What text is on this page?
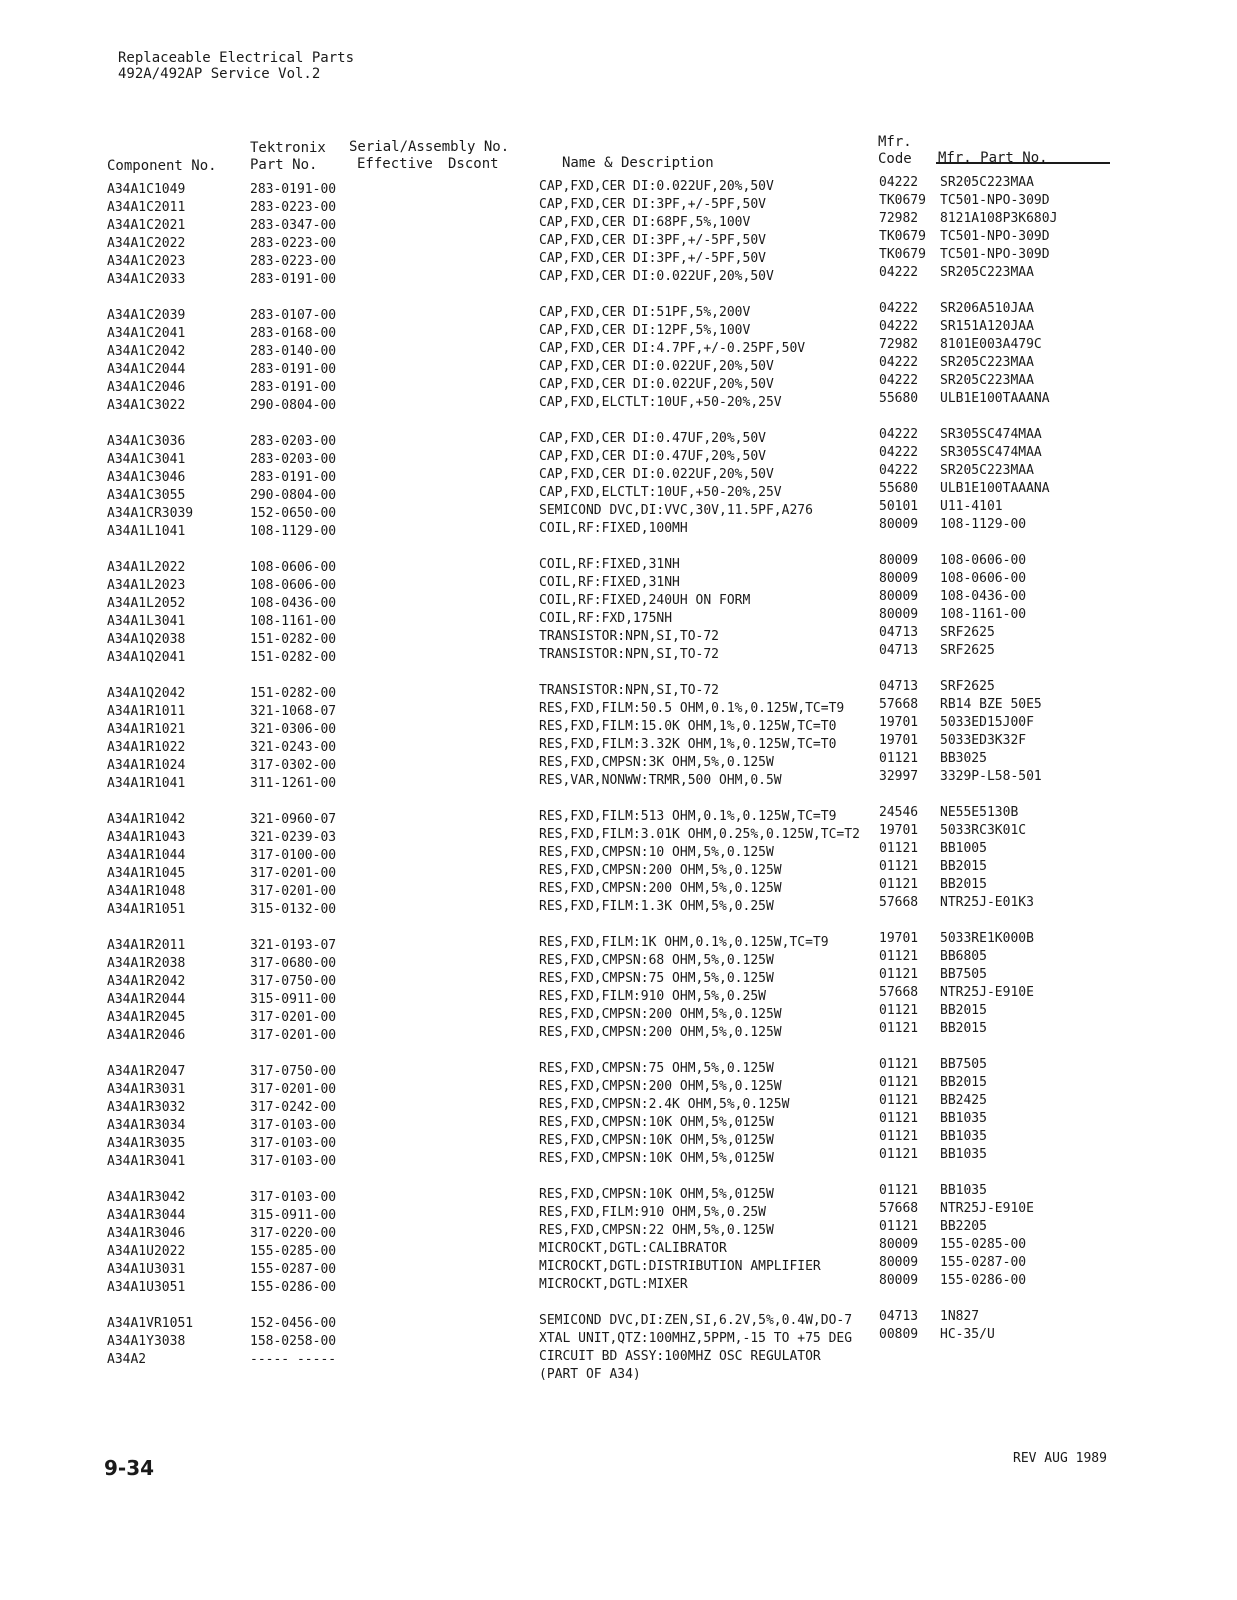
Replaceable Electrical Parts
492A/492AP Service Vol.2
Component No.
Tektronix
Part No.
Serial/Assembly No.
Effective Dscont	Name & Description
Mfr.
Code Mfr. Part No.
A34A1C1049	283-0191-00	CAP,FXD,CER DI:0.022UF,20%,50V	04222 SR205C223MAA
A34A1C2011	283-0223-00	CAP,FXD,CER DI:3PF,+/-5PF,50V	TK0679 TC501-NPO-309D
A34A1C2021	283-0347-00	CAP,FXD,CER DI:68PF,5%,100V	72982 8121A108P3K680J
A34A1C2022	283-0223-00	CAP,FXD,CER DI:3PF,+/-5PF,50V	TK0679 TC501-NPO-309D
A34A1C2023	283-0223-00	CAP,FXD,CER DI:3PF,+/-5PF,50V	TK0679 TC501-NPO-309D
A34A1C2033	283-0191-00	CAP,FXD,CER DI:0.022UF,20%,50V	04222 SR205C223MAA
A34A1C2039	283-0107-00	CAP,FXD,CER DI:51PF,5%,200V	04222 SR206A510JAA
A34A1C2041	283-0168-00	CAP,FXD,CER DI:12PF,5%,100V	04222 SR151A120JAA
A34A1C2042	283-0140-00	CAP,FXD,CER DI:4.7PF,+/-0.25PF,50V	72982 8101E003A479C
A34A1C2044	283-0191-00	CAP,FXD,CER DI:0.022UF,20%,50V	04222 SR205C223MAA
A34A1C2046	283-0191-00	CAP,FXD,CER DI:0.022UF,20%,50V	04222 SR205C223MAA
A34A1C3022	290-0804-00	CAP,FXD,ELCTLT:10UF,+50-20%,25V	55680 ULB1E100TAAANA
A34A1C3036	283-0203-00	CAP,FXD,CER DI:0.47UF,20%,50V	04222 SR305SC474MAA
A34A1C3041	283-0203-00	CAP,FXD,CER DI:0.47UF,20%,50V	04222 SR305SC474MAA
A34A1C3046	283-0191-00	CAP,FXD,CER DI:0.022UF,20%,50V	04222 SR205C223MAA
A34A1C3055	290-0804-00	CAP,FXD,ELCTLT:10UF,+50-20%,25V	55680 ULB1E100TAAANA
A34A1CR3039	152-0650-00	SEMICOND DVC,DI:VVC,30V,11.5PF,A276	50101 U11-4101
A34A1L1041	108-1129-00	COIL,RF:FIXED,100MH	80009 108-1129-00
A34A1L2022	108-0606-00	COIL,RF:FIXED,31NH	80009 108-0606-00
A34A1L2023	108-0606-00	COIL,RF:FIXED,31NH	80009 108-0606-00
A34A1L2052	108-0436-00	COIL,RF:FIXED,240UH ON FORM	80009 108-0436-00
A34A1L3041	108-1161-00	COIL,RF:FXD,175NH	80009 108-1161-00
A34A1Q2038	151-0282-00	TRANSISTOR:NPN,SI,TO-72	04713 SRF2625
A34A1Q2041	151-0282-00	TRANSISTOR:NPN,SI,TO-72	04713 SRF2625
A34A1Q2042	151-0282-00	TRANSISTOR:NPN,SI,TO-72	04713 SRF2625
A34A1R1011	321-1068-07	RES,FXD,FILM:50.5 OHM,0.1%,0.125W,TC=T9	57668 RB14 BZE 50E5
A34A1R1021	321-0306-00	RES,FXD,FILM:15.0K OHM,1%,0.125W,TC=T0	19701 5033ED15J00F
A34A1R1022	321-0243-00	RES,FXD,FILM:3.32K OHM,1%,0.125W,TC=T0	19701 5033ED3K32F
A34A1R1024	317-0302-00	RES,FXD,CMPSN:3K OHM,5%,0.125W	01121 BB3025
A34A1R1041	311-1261-00	RES,VAR,NONWW:TRMR,500 OHM,0.5W	32997 3329P-L58-501
A34A1R1042	321-0960-07	RES,FXD,FILM:513 OHM,0.1%,0.125W,TC=T9	24546 NE55E5130B
A34A1R1043	321-0239-03	RES,FXD,FILM:3.01K OHM,0.25%,0.125W,TC=T2 19701 5033RC3K01C
A34A1R1044	317-0100-00	RES,FXD,CMPSN:10 OHM,5%,0.125W	01121 BB1005
A34A1R1045	317-0201-00	RES,FXD,CMPSN:200 OHM,5%,0.125W	01121 BB2015
A34A1R1048	317-0201-00	RES,FXD,CMPSN:200 OHM,5%,0.125W	01121 BB2015
A34A1R1051	315-0132-00	RES,FXD,FILM:1.3K OHM,5%,0.25W	57668 NTR25J-E01K3
A34A1R2011	321-0193-07	RES,FXD,FILM:1K OHM,0.1%,0.125W,TC=T9	19701 5033RE1K000B
A34A1R2038	317-0680-00	RES,FXD,CMPSN:68 OHM,5%,0.125W	01121 BB6805
A34A1R2042	317-0750-00	RES,FXD,CMPSN:75 OHM,5%,0.125W	01121 BB7505
A34A1R2044	315-0911-00	RES,FXD,FILM:910 OHM,5%,0.25W	57668 NTR25J-E910E
A34A1R2045	317-0201-00	RES,FXD,CMPSN:200 OHM,5%,0.125W	01121 BB2015
A34A1R2046	317-0201-00	RES,FXD,CMPSN:200 OHM,5%,0.125W	01121 BB2015
A34A1R2047	317-0750-00	RES,FXD,CMPSN:75 OHM,5%,0.125W	01121 BB7505
A34A1R3031	317-0201-00	RES,FXD,CMPSN:200 OHM,5%,0.125W	01121 BB2015
A34A1R3032	317-0242-00	RES,FXD,CMPSN:2.4K OHM,5%,0.125W	01121 BB2425
A34A1R3034	317-0103-00	RES,FXD,CMPSN:10K OHM,5%,0125W	01121 BB1035
A34A1R3035	317-0103-00	RES,FXD,CMPSN:10K OHM,5%,0125W	01121 BB1035
A34A1R3041	317-0103-00	RES,FXD,CMPSN:10K OHM,5%,0125W	01121 BB1035
A34A1R3042	317-0103-00	RES,FXD,CMPSN:10K OHM,5%,0125W	01121 BB1035
A34A1R3044	315-0911-00	RES,FXD,FILM:910 OHM,5%,0.25W	57668 NTR25J-E910E
A34A1R3046	317-0220-00	RES,FXD,CMPSN:22 OHM,5%,0.125W	01121 BB2205
A34A1U2022	155-0285-00	MICROCKT,DGTL:CALIBRATOR	80009 155-0285-00
A34A1U3031	155-0287-00	MICROCKT,DGTL:DISTRIBUTION AMPLIFIER	80009 155-0287-00
A34A1U3051	155-0286-00	MICROCKT,DGTL:MIXER	80009 155-0286-00
A34A1VR1051	152-0456-00	SEMICOND DVC,DI:ZEN,SI,6.2V,5%,0.4W,DO-7 04713 1N827
A34A1Y3038	158-0258-00	XTAL UNIT,QTZ:100MHZ,5PPM,-15 TO +75 DEG 00809 HC-35/U
A34A2	----- -----	CIRCUIT BD ASSY:100MHZ OSC REGULATOR
(PART OF A34)
9-34	REV AUG 1989
